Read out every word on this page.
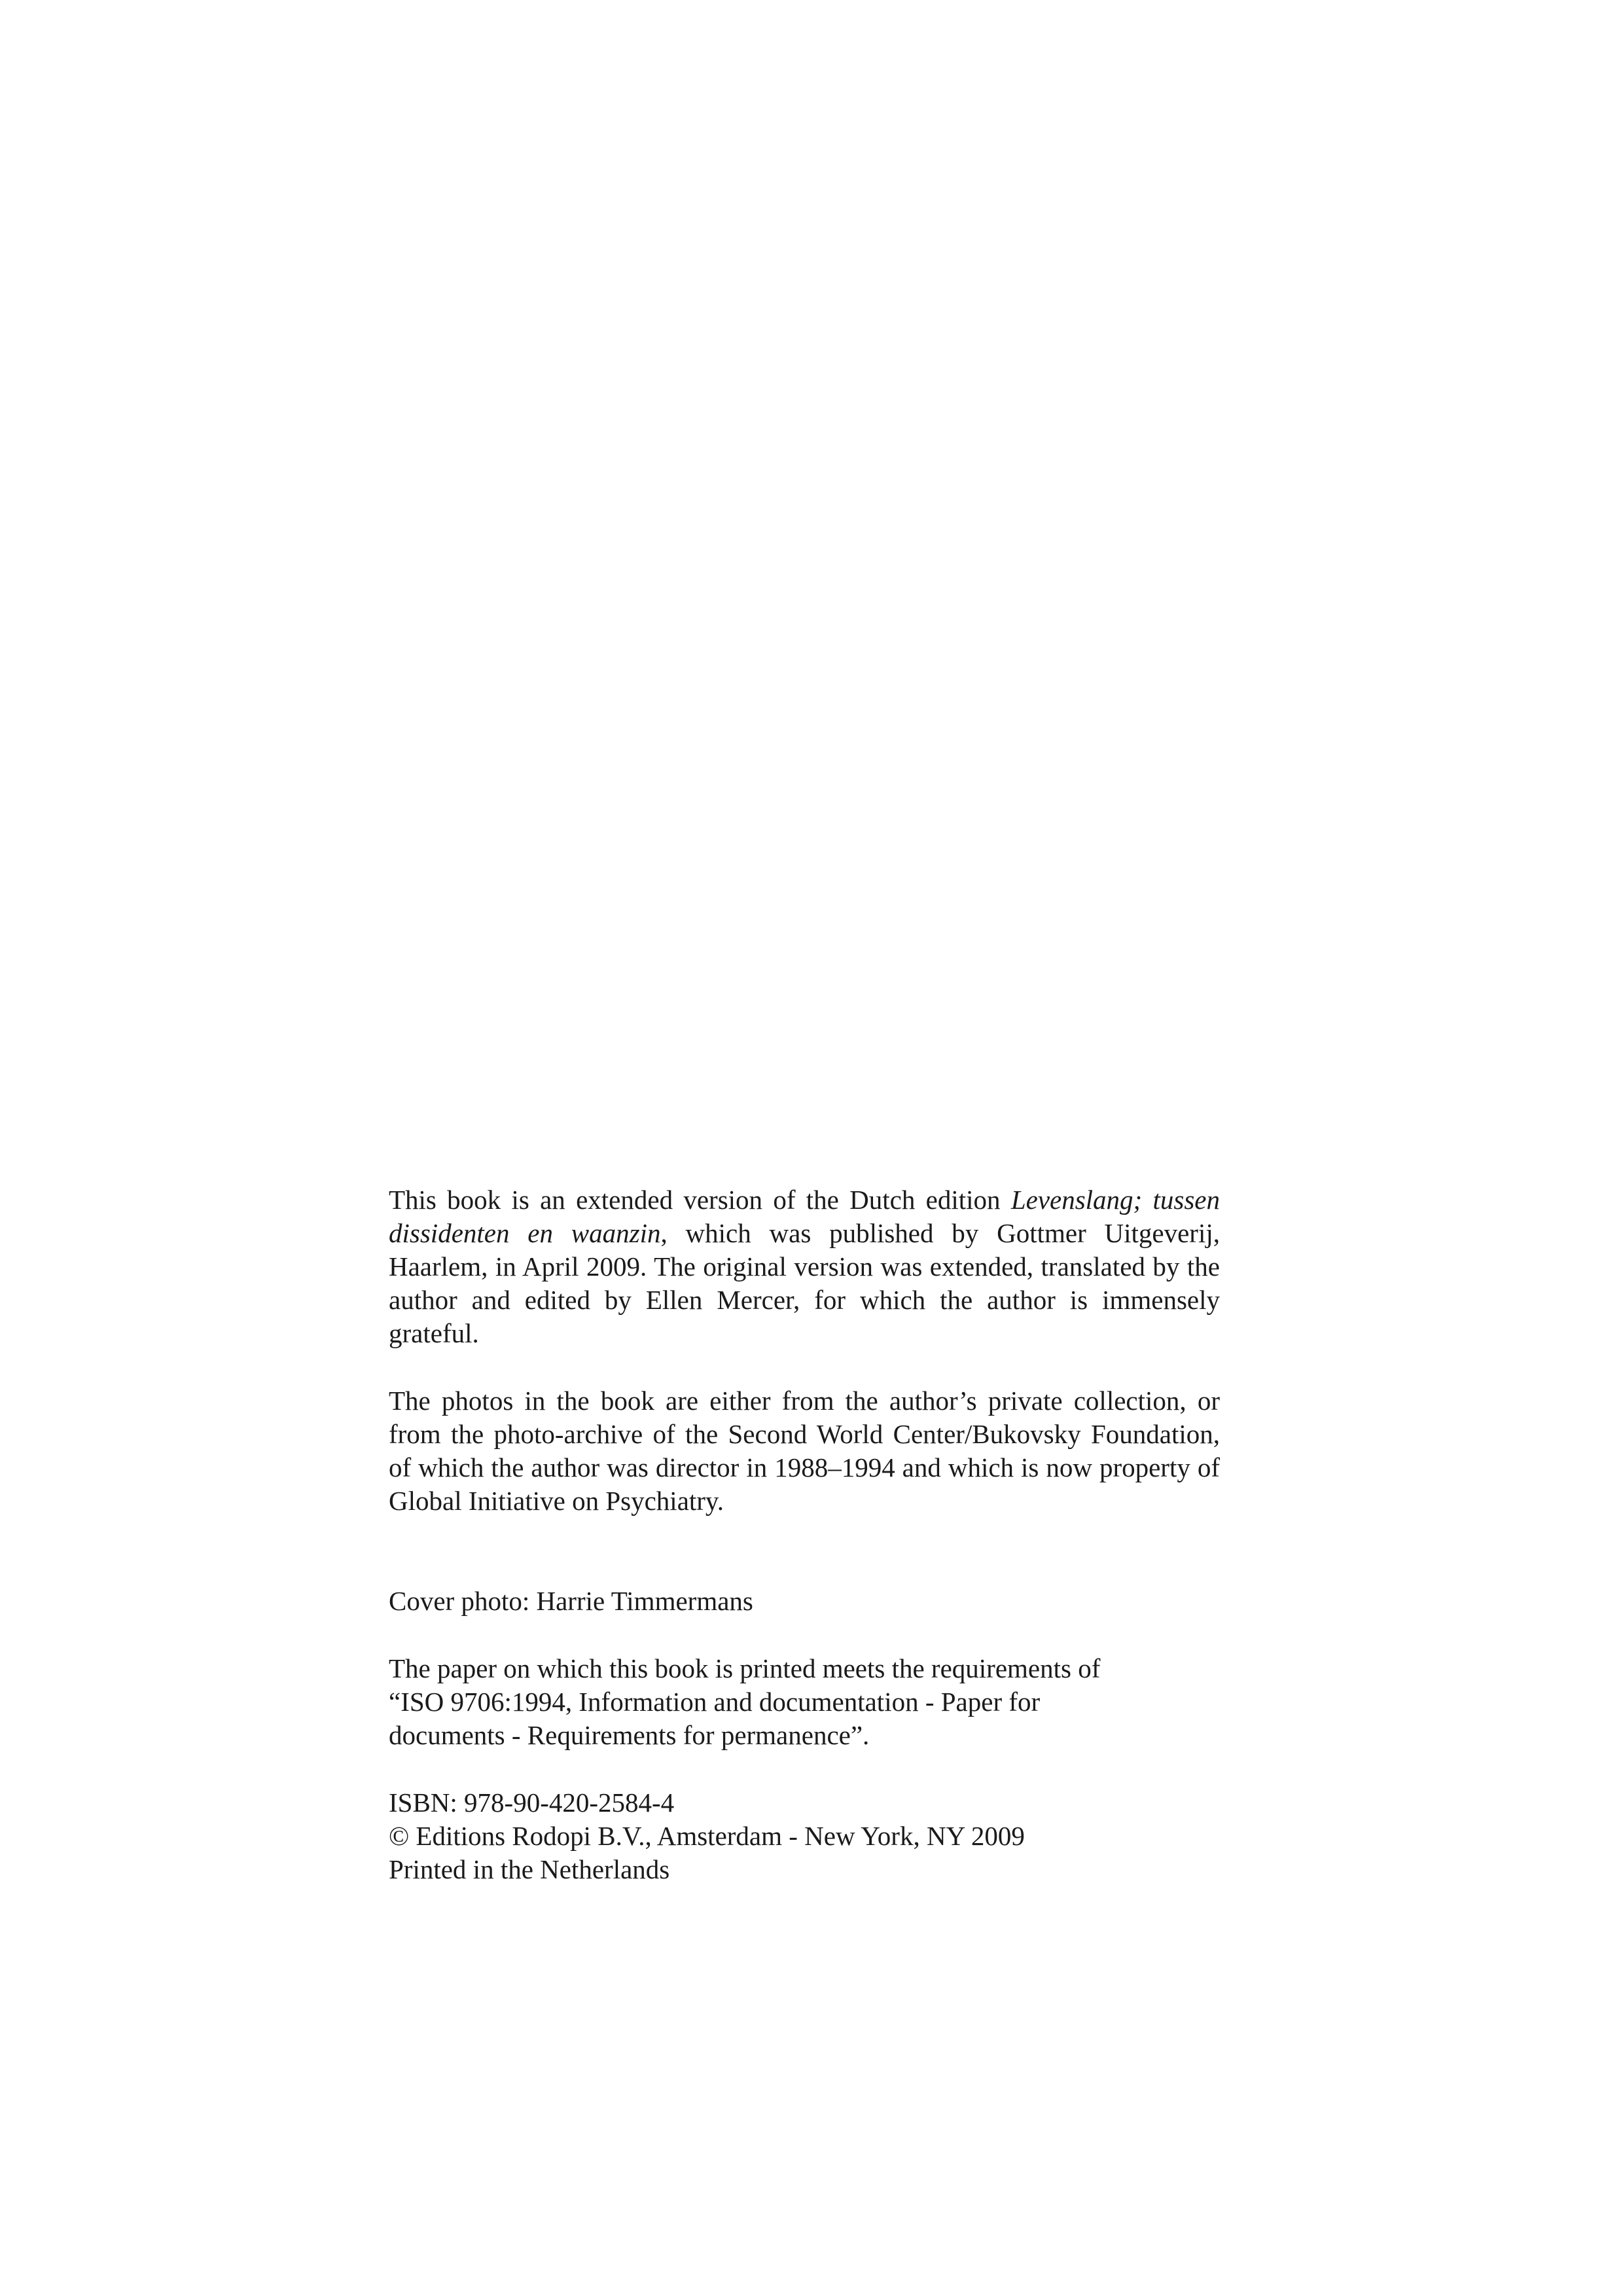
This book is an extended version of the Dutch edition Levenslang; tussen dissidenten en waanzin, which was published by Gottmer Uitgeverij, Haarlem, in April 2009. The original version was extended, translated by the author and edited by Ellen Mercer, for which the author is immensely grateful.

The photos in the book are either from the author’s private collection, or from the photo-archive of the Second World Center/Bukovsky Foundation, of which the author was director in 1988–1994 and which is now property of Global Initiative on Psychiatry.

Cover photo: Harrie Timmermans

The paper on which this book is printed meets the requirements of
“ISO 9706:1994, Information and documentation - Paper for
documents - Requirements for permanence”.

ISBN: 978-90-420-2584-4
© Editions Rodopi B.V., Amsterdam - New York, NY 2009
Printed in the Netherlands
